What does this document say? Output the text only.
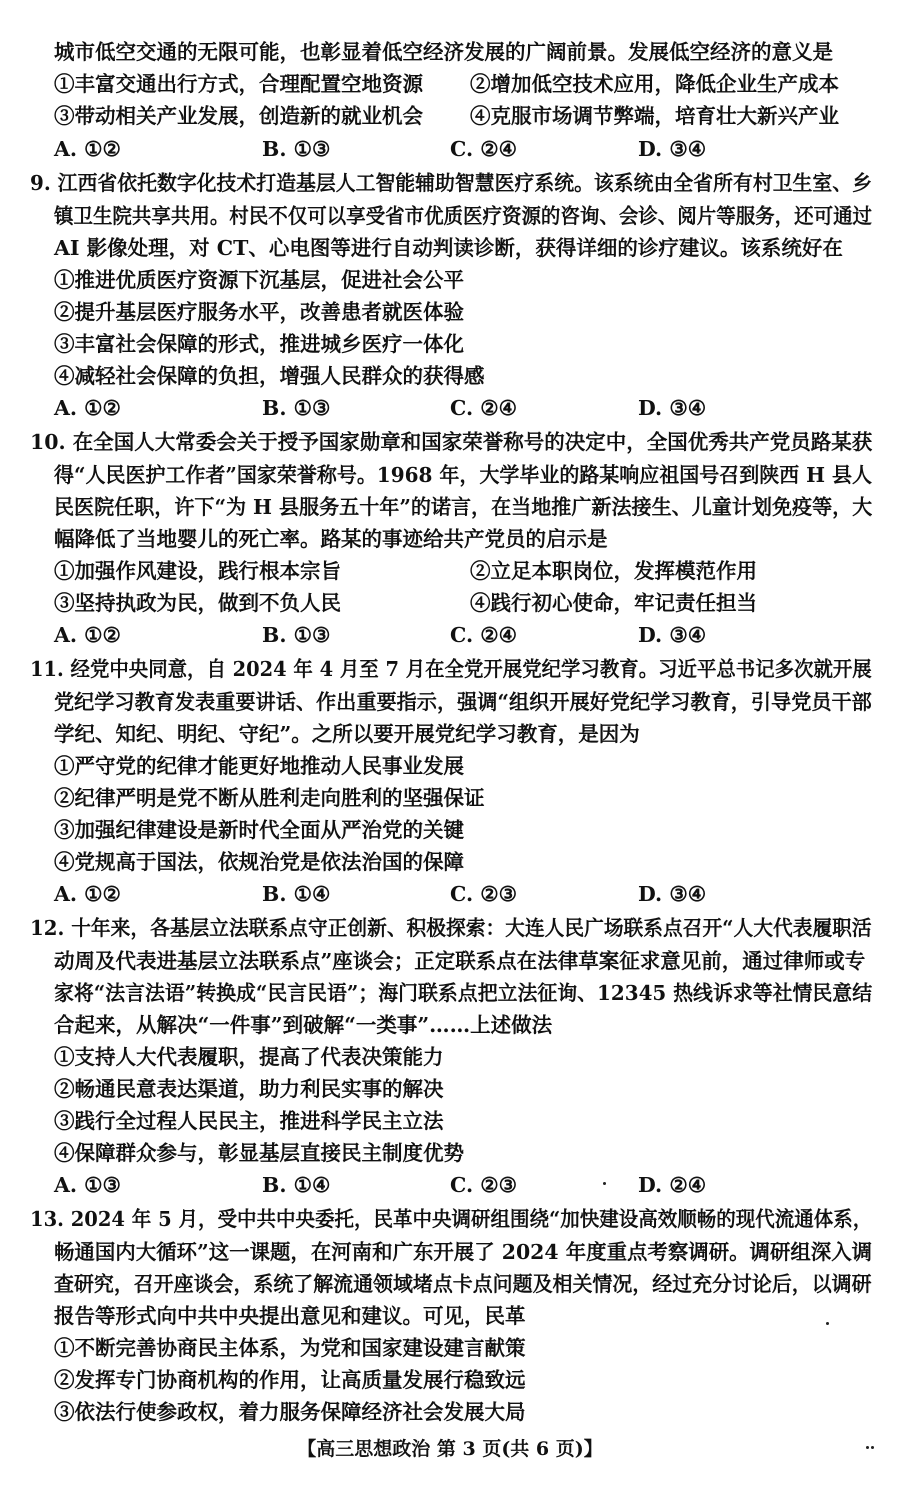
城市低空交通的无限可能，也彰显着低空经济发展的广阔前景。发展低空经济的意义是
①丰富交通出行方式，合理配置空地资源 ②增加低空技术应用，降低企业生产成本
③带动相关产业发展，创造新的就业机会 ④克服市场调节弊端，培育壮大新兴产业
A. ①②	B. ①③	C. ②④	D. ③④
9. 江西省依托数字化技术打造基层人工智能辅助智慧医疗系统。该系统由全省所有村卫生室、乡
镇卫生院共享共用。村民不仅可以享受省市优质医疗资源的咨询、会诊、阅片等服务，还可通过
AI 影像处理，对 CT、心电图等进行自动判读诊断，获得详细的诊疗建议。该系统好在
①推进优质医疗资源下沉基层，促进社会公平
②提升基层医疗服务水平，改善患者就医体验
③丰富社会保障的形式，推进城乡医疗一体化
④减轻社会保障的负担，增强人民群众的获得感
A. ①②	B. ①③	C. ②④	D. ③④
10. 在全国人大常委会关于授予国家勋章和国家荣誉称号的决定中，全国优秀共产党员路某获
得“人民医护工作者”国家荣誉称号。1968 年，大学毕业的路某响应祖国号召到陕西 H 县人
民医院任职，许下“为 H 县服务五十年”的诺言，在当地推广新法接生、儿童计划免疫等，大
幅降低了当地婴儿的死亡率。路某的事迹给共产党员的启示是
①加强作风建设，践行根本宗旨	②立足本职岗位，发挥模范作用
③坚持执政为民，做到不负人民	④践行初心使命，牢记责任担当
A. ①②	B. ①③	C. ②④	D. ③④
11. 经党中央同意，自 2024 年 4 月至 7 月在全党开展党纪学习教育。习近平总书记多次就开展
党纪学习教育发表重要讲话、作出重要指示，强调“组织开展好党纪学习教育，引导党员干部
学纪、知纪、明纪、守纪”。之所以要开展党纪学习教育，是因为
①严守党的纪律才能更好地推动人民事业发展
②纪律严明是党不断从胜利走向胜利的坚强保证
③加强纪律建设是新时代全面从严治党的关键
④党规高于国法，依规治党是依法治国的保障
A. ①②	B. ①④	C. ②③	D. ③④
12. 十年来，各基层立法联系点守正创新、积极探索：大连人民广场联系点召开“人大代表履职活
动周及代表进基层立法联系点”座谈会；正定联系点在法律草案征求意见前，通过律师或专
家将“法言法语”转换成“民言民语”；海门联系点把立法征询、12345 热线诉求等社情民意结
合起来，从解决“一件事”到破解“一类事”……上述做法
①支持人大代表履职，提高了代表决策能力
②畅通民意表达渠道，助力利民实事的解决
③践行全过程人民民主，推进科学民主立法
④保障群众参与，彰显基层直接民主制度优势
A. ①③	B. ①④	C. ②③	D. ②④
13. 2024 年 5 月，受中共中央委托，民革中央调研组围绕“加快建设高效顺畅的现代流通体系，
畅通国内大循环”这一课题，在河南和广东开展了 2024 年度重点考察调研。调研组深入调
查研究，召开座谈会，系统了解流通领域堵点卡点问题及相关情况，经过充分讨论后，以调研
报告等形式向中共中央提出意见和建议。可见，民革
①不断完善协商民主体系，为党和国家建设建言献策
②发挥专门协商机构的作用，让高质量发展行稳致远
③依法行使参政权，着力服务保障经济社会发展大局
【高三思想政治 第 3 页(共 6 页)】
